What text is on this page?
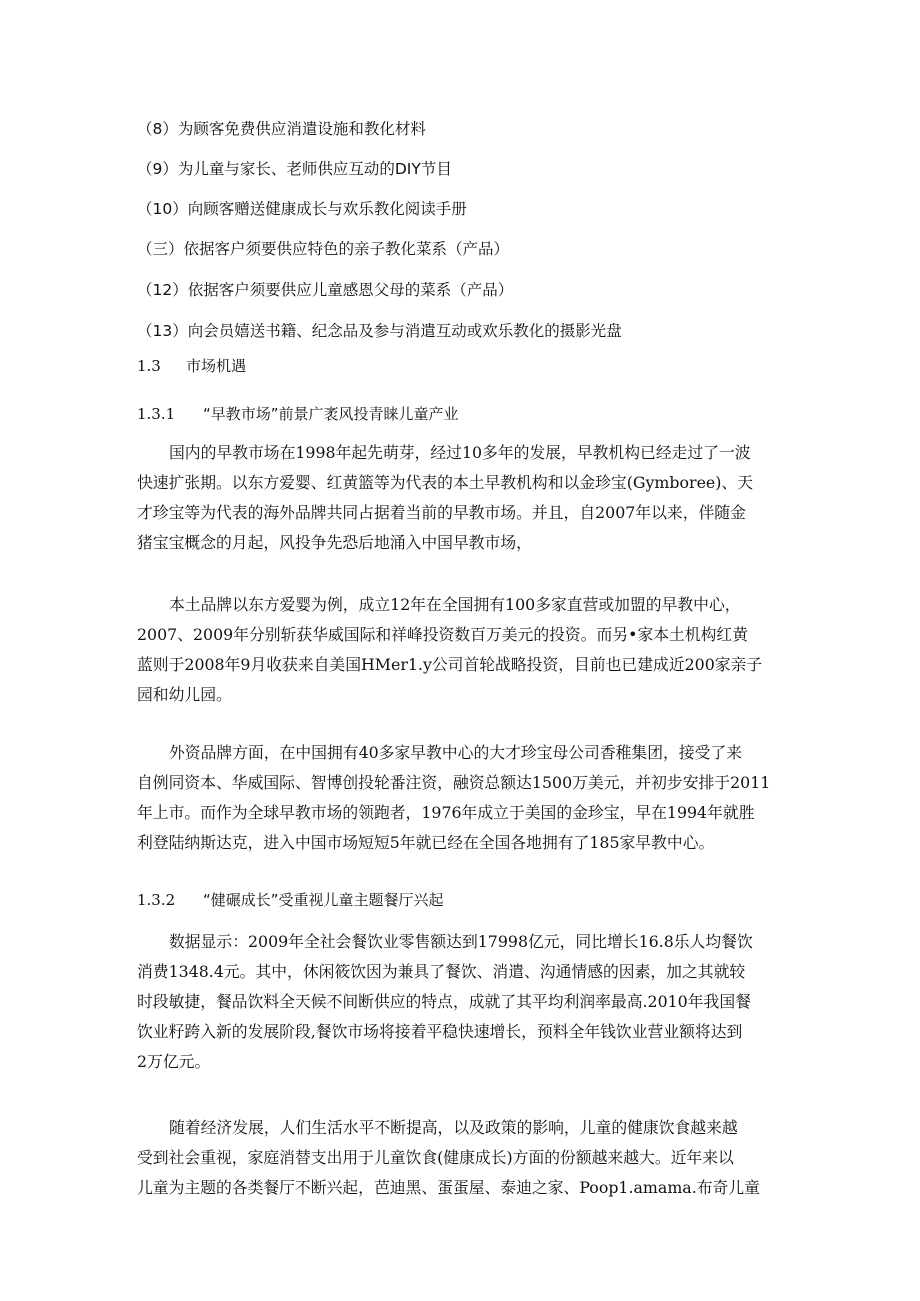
（8）为顾客免费供应消遣设施和教化材料
（9）为儿童与家长、老师供应互动的DIY节目
（10）向顾客赠送健康成长与欢乐教化阅读手册
（三）依据客户须要供应特色的亲子教化菜系（产品）
（12）依据客户须要供应儿童感恩父母的菜系（产品）
（13）向会员嬉送书籍、纪念品及参与消遣互动或欢乐教化的摄影光盘
1.3 市场机遇
1.3.1 “早教市场”前景广袤风投青睐儿童产业
国内的早教市场在1998年起先萌芽，经过10多年的发展，早教机构已经走过了一波
快速扩张期。以东方爱婴、红黄篮等为代表的本土早教机构和以金珍宝(Gymboree)、天
才珍宝等为代表的海外品牌共同占据着当前的早教市场。并且，自2007年以来，伴随金
猪宝宝概念的月起，风投争先恐后地涌入中国早教市场，
本土品牌以东方爱婴为例，成立12年在全国拥有100多家直营或加盟的早教中心，
2007、2009年分别斩获华威国际和祥峰投资数百万美元的投资。而另•家本土机构红黄
蓝则于2008年9月收获来自美国HMer1.y公司首轮战略投资，目前也已建成近200家亲子
园和幼儿园。
外资品牌方面，在中国拥有40多家早教中心的大才珍宝母公司香稚集团，接受了来
自例同资本、华威国际、智博创投轮番注资，融资总额达1500万美元，并初步安排于2011
年上市。而作为全球早教市场的领跑者，1976年成立于美国的金珍宝，早在1994年就胜
利登陆纳斯达克，进入中国市场短短5年就已经在全国各地拥有了185家早教中心。
1.3.2 “健碾成长”受重视儿童主题餐厅兴起
数据显示：2009年全社会餐饮业零售额达到17998亿元，同比增长16.8乐人均餐饮
消费1348.4元。其中，休闲筱饮因为兼具了餐饮、消遣、沟通情感的因素，加之其就较
时段敏捷，餐品饮料全天候不间断供应的特点，成就了其平均利润率最高.2010年我国餐
饮业籽跨入新的发展阶段,餐饮市场将接着平稳快速增长，预料全年钱饮业营业额将达到
2万亿元。
随着经济发展，人们生活水平不断提高，以及政策的影响，儿童的健康饮食越来越
受到社会重视，家庭消替支出用于儿童饮食(健康成长)方面的份额越来越大。近年来以
儿童为主题的各类餐厅不断兴起，芭迪黑、蛋蛋屋、泰迪之家、Poop1.amama.布奇儿童
